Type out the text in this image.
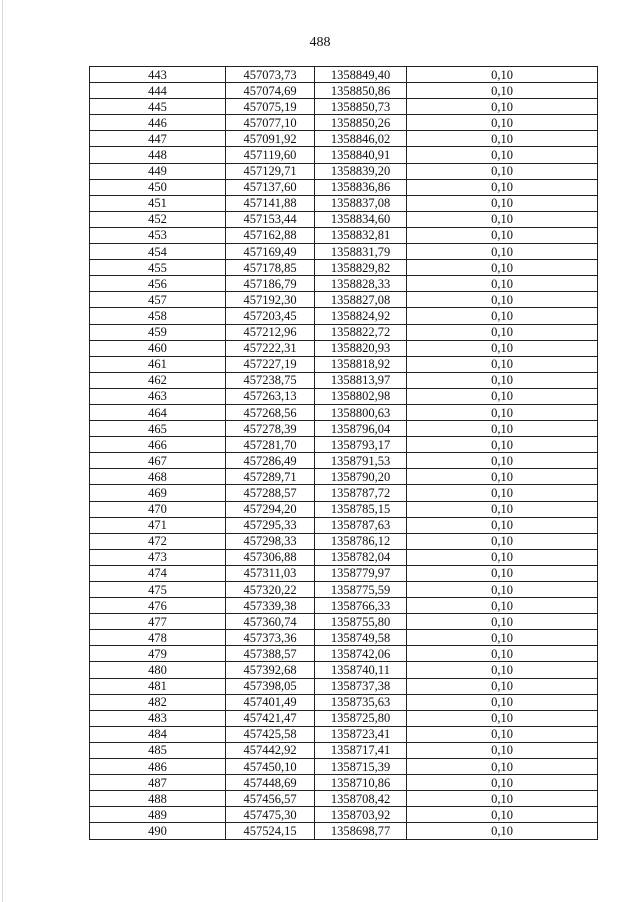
488
443	457073,73	1358849,40	0,10
444	457074,69	1358850,86	0,10
445	457075,19	1358850,73	0,10
446	457077,10	1358850,26	0,10
447	457091,92	1358846,02	0,10
448	457119,60	1358840,91	0,10
449	457129,71	1358839,20	0,10
450	457137,60	1358836,86	0,10
451	457141,88	1358837,08	0,10
452	457153,44	1358834,60	0,10
453	457162,88	1358832,81	0,10
454	457169,49	1358831,79	0,10
455	457178,85	1358829,82	0,10
456	457186,79	1358828,33	0,10
457	457192,30	1358827,08	0,10
458	457203,45	1358824,92	0,10
459	457212,96	1358822,72	0,10
460	457222,31	1358820,93	0,10
461	457227,19	1358818,92	0,10
462	457238,75	1358813,97	0,10
463	457263,13	1358802,98	0,10
464	457268,56	1358800,63	0,10
465	457278,39	1358796,04	0,10
466	457281,70	1358793,17	0,10
467	457286,49	1358791,53	0,10
468	457289,71	1358790,20	0,10
469	457288,57	1358787,72	0,10
470	457294,20	1358785,15	0,10
471	457295,33	1358787,63	0,10
472	457298,33	1358786,12	0,10
473	457306,88	1358782,04	0,10
474	457311,03	1358779,97	0,10
475	457320,22	1358775,59	0,10
476	457339,38	1358766,33	0,10
477	457360,74	1358755,80	0,10
478	457373,36	1358749,58	0,10
479	457388,57	1358742,06	0,10
480	457392,68	1358740,11	0,10
481	457398,05	1358737,38	0,10
482	457401,49	1358735,63	0,10
483	457421,47	1358725,80	0,10
484	457425,58	1358723,41	0,10
485	457442,92	1358717,41	0,10
486	457450,10	1358715,39	0,10
487	457448,69	1358710,86	0,10
488	457456,57	1358708,42	0,10
489	457475,30	1358703,92	0,10
490	457524,15	1358698,77	0,10
